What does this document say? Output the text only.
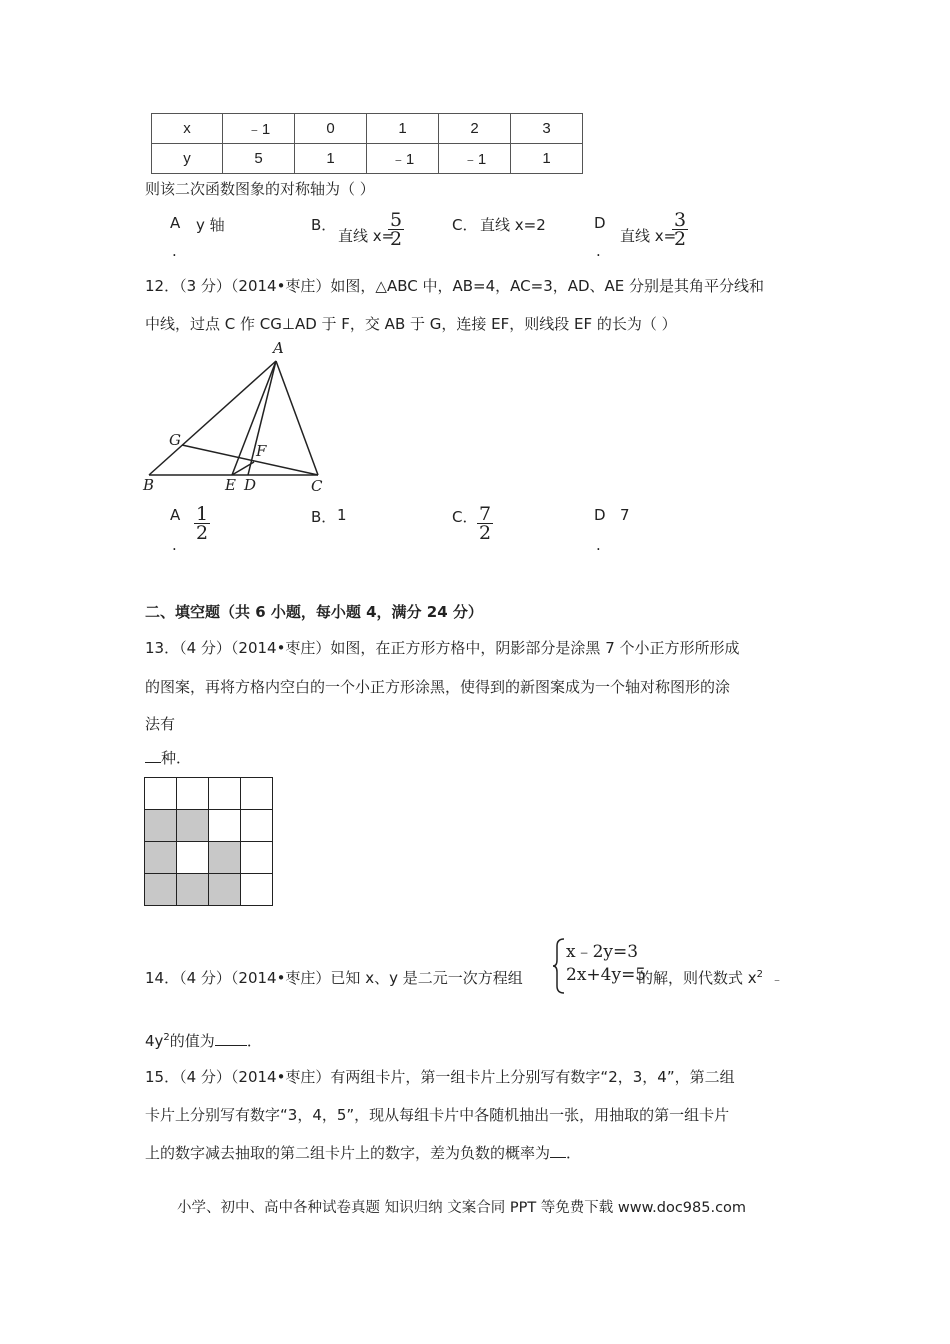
x	﹣1	0	1	2	3
y	5	1	﹣1	﹣1	1
则该二次函数图象的对称轴为（ ）
A
.
y 轴	B．
直线 x=
$\frac{5}{2}$	C． 直线 x=2	D
.
直线 x=
$\frac{3}{2}$
12．（3 分）（2014•枣庄）如图，△ABC 中，AB=4，AC=3，AD、AE 分别是其角平分线和
中线，过点 C 作 CG⊥AD 于 F，交 AB 于 G，连接 EF，则线段 EF 的长为（ ）
A
G
F
B	E D	C
A
.
$\frac{1}{2}$	B． 1	C． $\frac{7}{2}$	D
.
7
二、填空题（共 6 小题，每小题 4，满分 24 分）
13．（4 分）（2014•枣庄）如图，在正方形方格中，阴影部分是涂黑 7 个小正方形所形成
的图案，再将方格内空白的一个小正方形涂黑，使得到的新图案成为一个轴对称图形的涂
法有
种．

14．（4 分）（2014•枣庄）已知 x、y 是二元一次方程组
x﹣2y=3
2x+4y=5
的解，则代数式 $x^2$ ﹣
$4y^2$的值为 ．
15．（4 分）（2014•枣庄）有两组卡片，第一组卡片上分别写有数字“2，3，4”，第二组
卡片上分别写有数字“3，4，5”，现从每组卡片中各随机抽出一张，用抽取的第一组卡片
上的数字减去抽取的第二组卡片上的数字，差为负数的概率为 ．
小学、初中、高中各种试卷真题 知识归纳 文案合同 PPT 等免费下载 www.doc985.com
